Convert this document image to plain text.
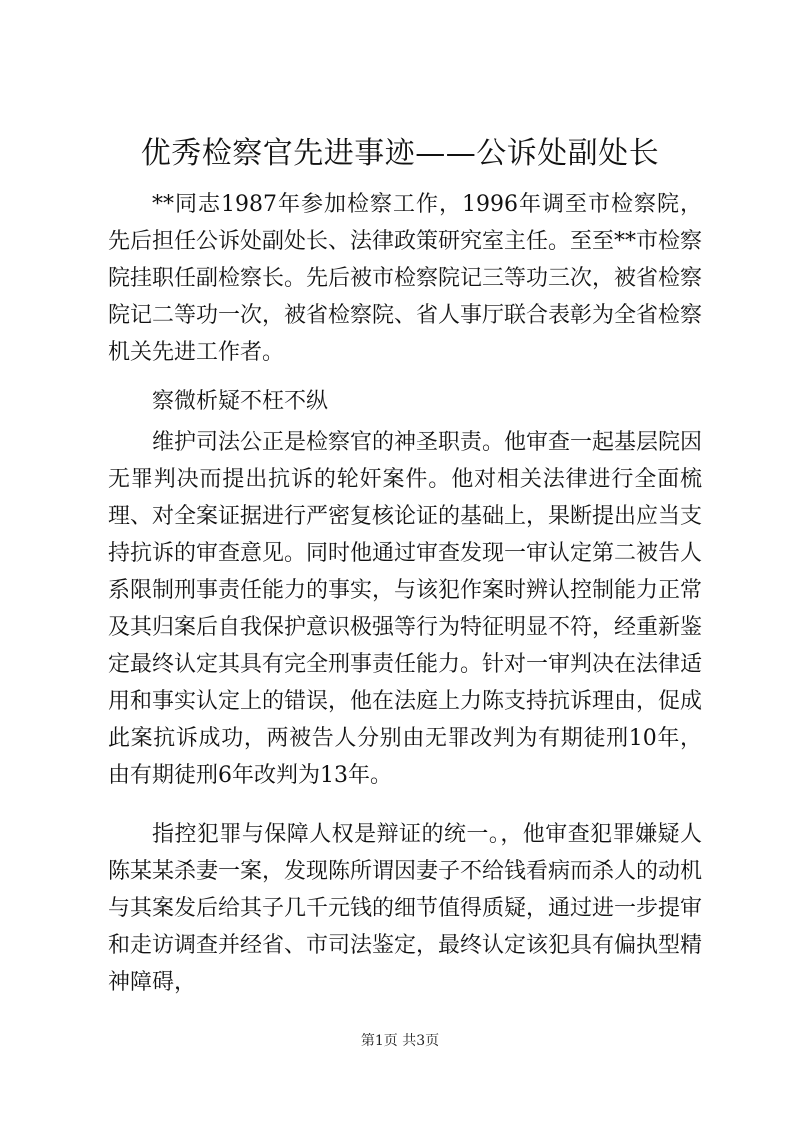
优秀检察官先进事迹——公诉处副处长

**同志1987年参加检察工作，1996年调至市检察院，先后担任公诉处副处长、法律政策研究室主任。至至**市检察院挂职任副检察长。先后被市检察院记三等功三次，被省检察院记二等功一次，被省检察院、省人事厅联合表彰为全省检察机关先进工作者。

察微析疑不枉不纵

维护司法公正是检察官的神圣职责。他审查一起基层院因无罪判决而提出抗诉的轮奸案件。他对相关法律进行全面梳理、对全案证据进行严密复核论证的基础上，果断提出应当支持抗诉的审查意见。同时他通过审查发现一审认定第二被告人系限制刑事责任能力的事实，与该犯作案时辨认控制能力正常及其归案后自我保护意识极强等行为特征明显不符，经重新鉴定最终认定其具有完全刑事责任能力。针对一审判决在法律适用和事实认定上的错误，他在法庭上力陈支持抗诉理由，促成此案抗诉成功，两被告人分别由无罪改判为有期徒刑10年，由有期徒刑6年改判为13年。

指控犯罪与保障人权是辩证的统一。，他审查犯罪嫌疑人陈某某杀妻一案，发现陈所谓因妻子不给钱看病而杀人的动机与其案发后给其子几千元钱的细节值得质疑，通过进一步提审和走访调查并经省、市司法鉴定，最终认定该犯具有偏执型精神障碍，

第1页 共3页
